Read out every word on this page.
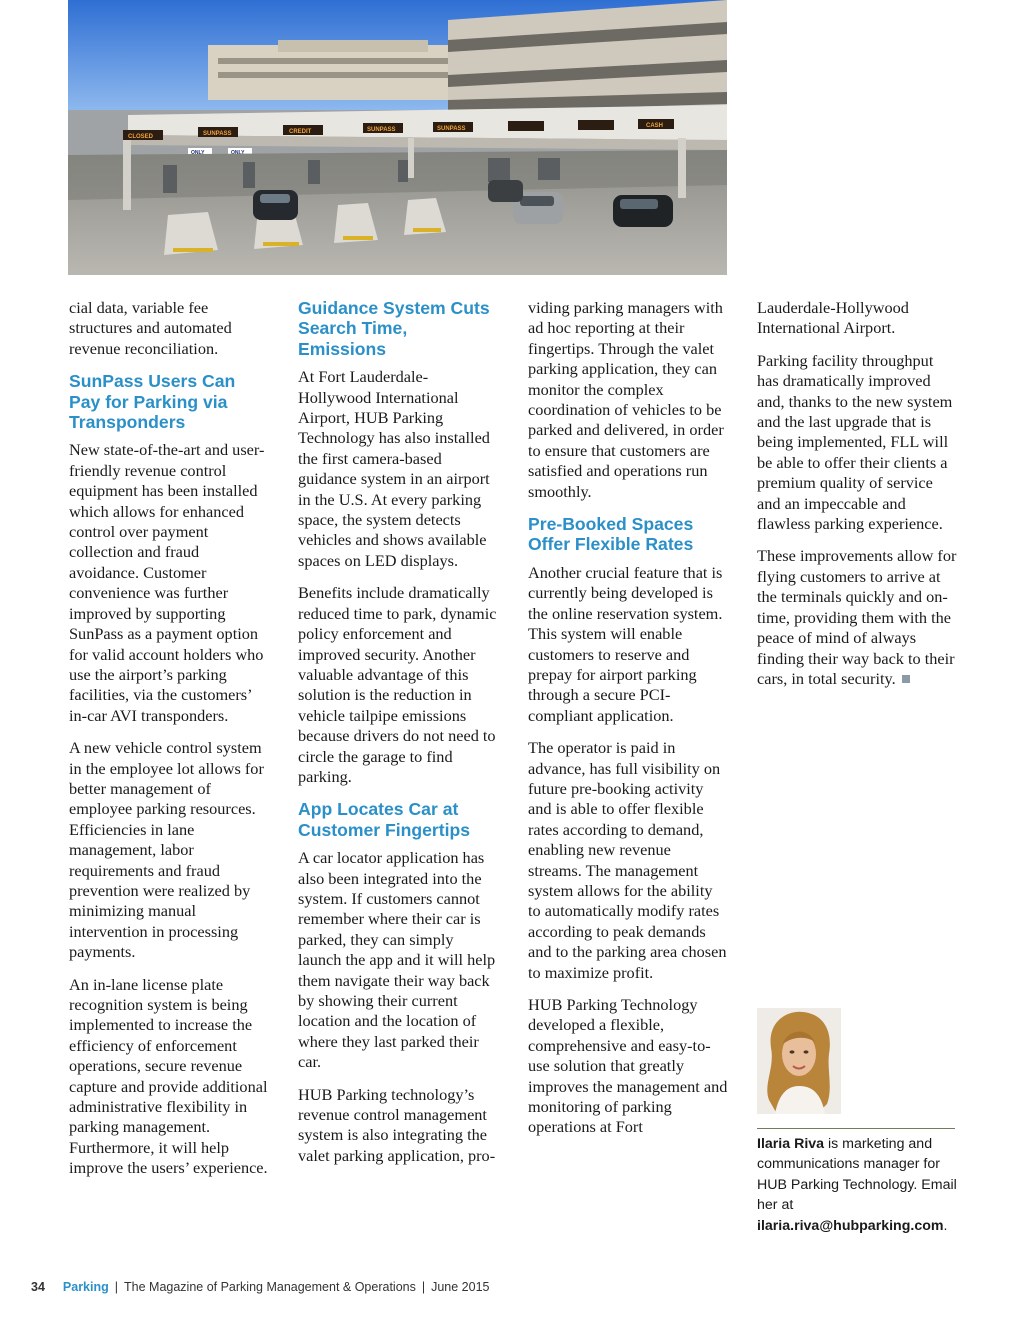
CLOSED	SUNPASS	CREDIT	SUNPASS	SUNPASS	CASH
ONLY	ONLY

cial data, variable fee structures and automated revenue reconciliation.

SunPass Users Can Pay for Parking via Transponders

New state-of-the-art and user-friendly revenue control equipment has been installed which allows for enhanced control over payment collection and fraud avoidance. Customer convenience was further improved by supporting SunPass as a payment option for valid account holders who use the airport’s parking facilities, via the customers’ in-car AVI transponders.

A new vehicle control system in the employee lot allows for better management of employee parking resources. Efficiencies in lane management, labor requirements and fraud prevention were realized by minimizing manual intervention in processing payments.

An in-lane license plate recognition system is being implemented to increase the efficiency of enforcement operations, secure revenue capture and provide additional administrative flexibility in parking management. Furthermore, it will help improve the users’ experience.

Guidance System Cuts Search Time, Emissions

At Fort Lauderdale-Hollywood International Airport, HUB Parking Technology has also installed the first camera-based guidance system in an airport in the U.S. At every parking space, the system detects vehicles and shows available spaces on LED displays.

Benefits include dramatically reduced time to park, dynamic policy enforcement and improved security. Another valuable advantage of this solution is the reduction in vehicle tailpipe emissions because drivers do not need to circle the garage to find parking.

App Locates Car at Customer Fingertips

A car locator application has also been integrated into the system. If customers cannot remember where their car is parked, they can simply launch the app and it will help them navigate their way back by showing their current location and the location of where they last parked their car.

HUB Parking technology’s revenue control management system is also integrating the valet parking application, pro-

viding parking managers with ad hoc reporting at their fingertips. Through the valet parking application, they can monitor the complex coordination of vehicles to be parked and delivered, in order to ensure that customers are satisfied and operations run smoothly.

Pre-Booked Spaces Offer Flexible Rates

Another crucial feature that is currently being developed is the online reservation system. This system will enable customers to reserve and prepay for airport parking through a secure PCI-compliant application.

The operator is paid in advance, has full visibility on future pre-booking activity and is able to offer flexible rates according to demand, enabling new revenue streams. The management system allows for the ability to automatically modify rates according to peak demands and to the parking area chosen to maximize profit.

HUB Parking Technology developed a flexible, comprehensive and easy-to-use solution that greatly improves the management and monitoring of parking operations at Fort

Lauderdale-Hollywood International Airport.

Parking facility throughput has dramatically improved and, thanks to the new system and the last upgrade that is being implemented, FLL will be able to offer their clients a premium quality of service and an impeccable and flawless parking experience.

These improvements allow for flying customers to arrive at the terminals quickly and on-time, providing them with the peace of mind of always finding their way back to their cars, in total security.

Ilaria Riva is marketing and communications manager for HUB Parking Technology. Email her at ilaria.riva@hubparking.com.
34 Parking | The Magazine of Parking Management & Operations | June 2015
